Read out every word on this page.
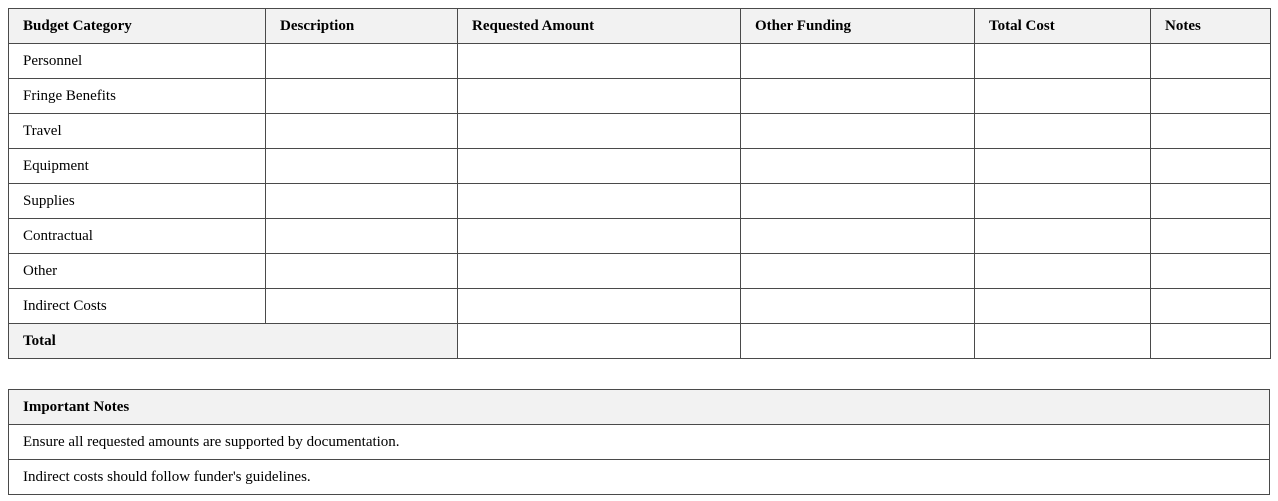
Budget Category	Description	Requested Amount	Other Funding	Total Cost	Notes
Personnel					
Fringe Benefits					
Travel					
Equipment					
Supplies					
Contractual					
Other					
Indirect Costs					
Total					
Important Notes
Ensure all requested amounts are supported by documentation.
Indirect costs should follow funder's guidelines.
